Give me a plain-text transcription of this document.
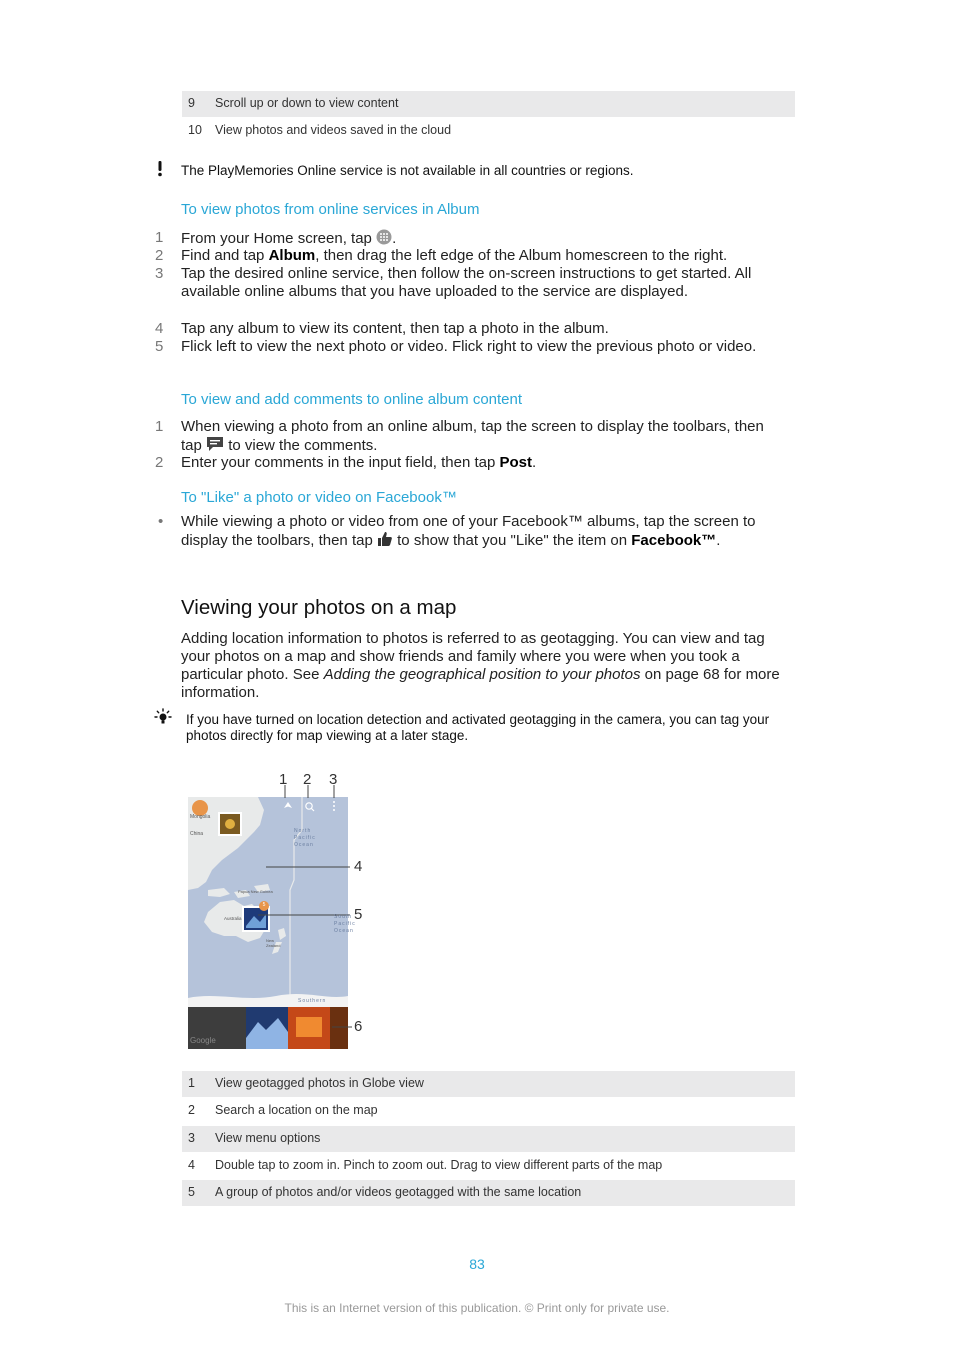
9 Scroll up or down to view content
10 View photos and videos saved in the cloud
The PlayMemories Online service is not available in all countries or regions.
To view photos from online services in Album
1 From your Home screen, tap .
2 Find and tap Album, then drag the left edge of the Album homescreen to the right.
3 Tap the desired online service, then follow the on-screen instructions to get started. All available online albums that you have uploaded to the service are displayed.
4 Tap any album to view its content, then tap a photo in the album.
5 Flick left to view the next photo or video. Flick right to view the previous photo or video.
To view and add comments to online album content
1 When viewing a photo from an online album, tap the screen to display the toolbars, then tap  to view the comments.
2 Enter your comments in the input field, then tap Post.
To "Like" a photo or video on Facebook™
• While viewing a photo or video from one of your Facebook™ albums, tap the screen to display the toolbars, then tap  to show that you "Like" the item on Facebook™.
Viewing your photos on a map
Adding location information to photos is referred to as geotagging. You can view and tag your photos on a map and show friends and family where you were when you took a particular photo. See Adding the geographical position to your photos on page 68 for more information.
If you have turned on location detection and activated geotagging in the camera, you can tag your photos directly for map viewing at a later stage.
Mongolia
China	North Pacific Ocean
Papua New Guinea
Australia
New Zealand
South Pacific Ocean
Southern
Google
5
1 2 3
4
5
6
1 View geotagged photos in Globe view
2 Search a location on the map
3 View menu options
4 Double tap to zoom in. Pinch to zoom out. Drag to view different parts of the map
5 A group of photos and/or videos geotagged with the same location
83
This is an Internet version of this publication. © Print only for private use.
